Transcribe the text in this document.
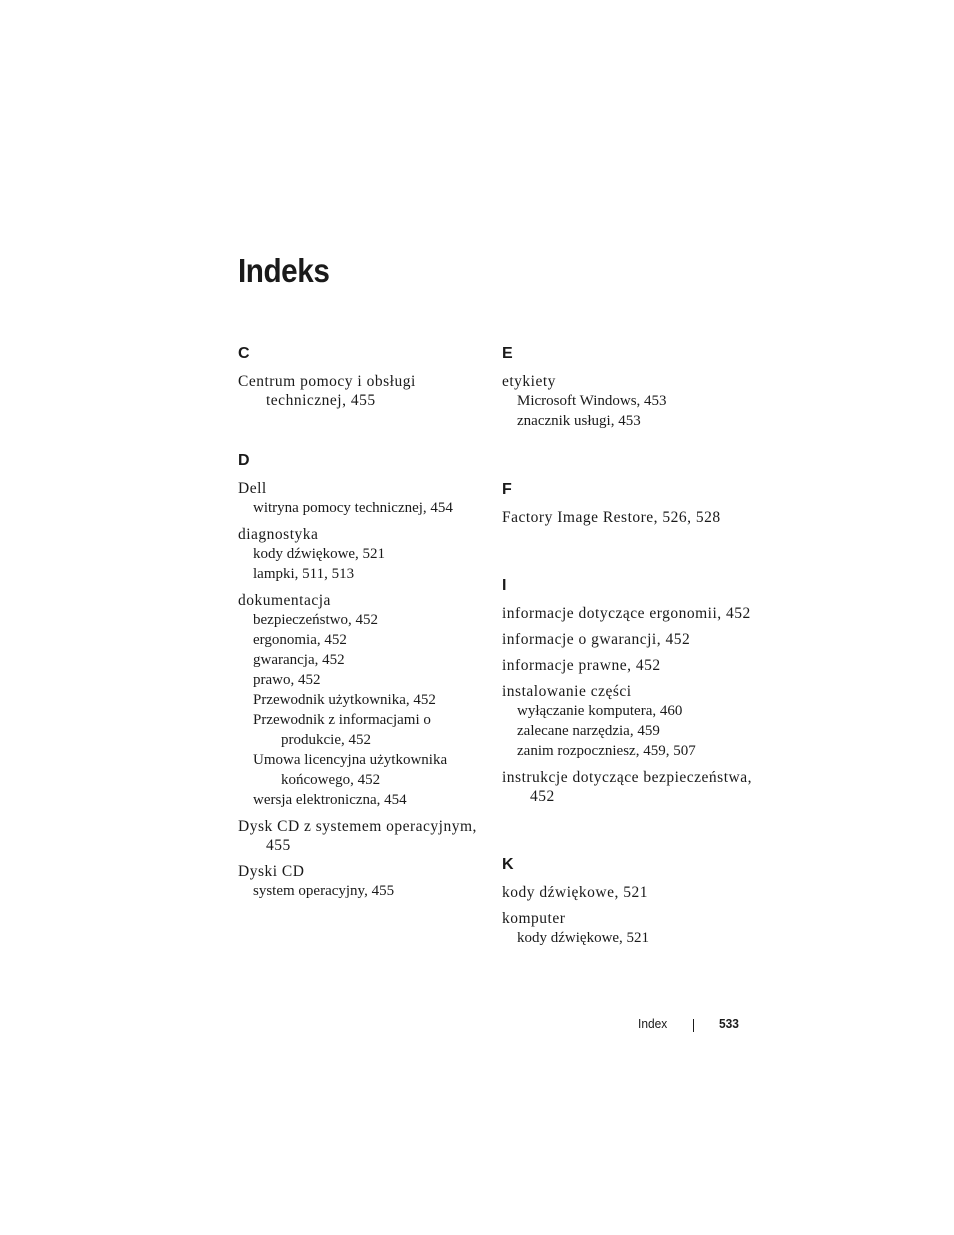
Indeks
C
Centrum pomocy i obsługi technicznej, 455
D
Dell
witryna pomocy technicznej, 454
diagnostyka
kody dźwiękowe, 521
lampki, 511, 513
dokumentacja
bezpieczeństwo, 452
ergonomia, 452
gwarancja, 452
prawo, 452
Przewodnik użytkownika, 452
Przewodnik z informacjami o produkcie, 452
Umowa licencyjna użytkownika końcowego, 452
wersja elektroniczna, 454
Dysk CD z systemem operacyjnym, 455
Dyski CD
system operacyjny, 455
E
etykiety
Microsoft Windows, 453
znacznik usługi, 453
F
Factory Image Restore, 526, 528
I
informacje dotyczące ergonomii, 452
informacje o gwarancji, 452
informacje prawne, 452
instalowanie części
wyłączanie komputera, 460
zalecane narzędzia, 459
zanim rozpoczniesz, 459, 507
instrukcje dotyczące bezpieczeństwa, 452
K
kody dźwiękowe, 521
komputer
kody dźwiękowe, 521
Index	533
